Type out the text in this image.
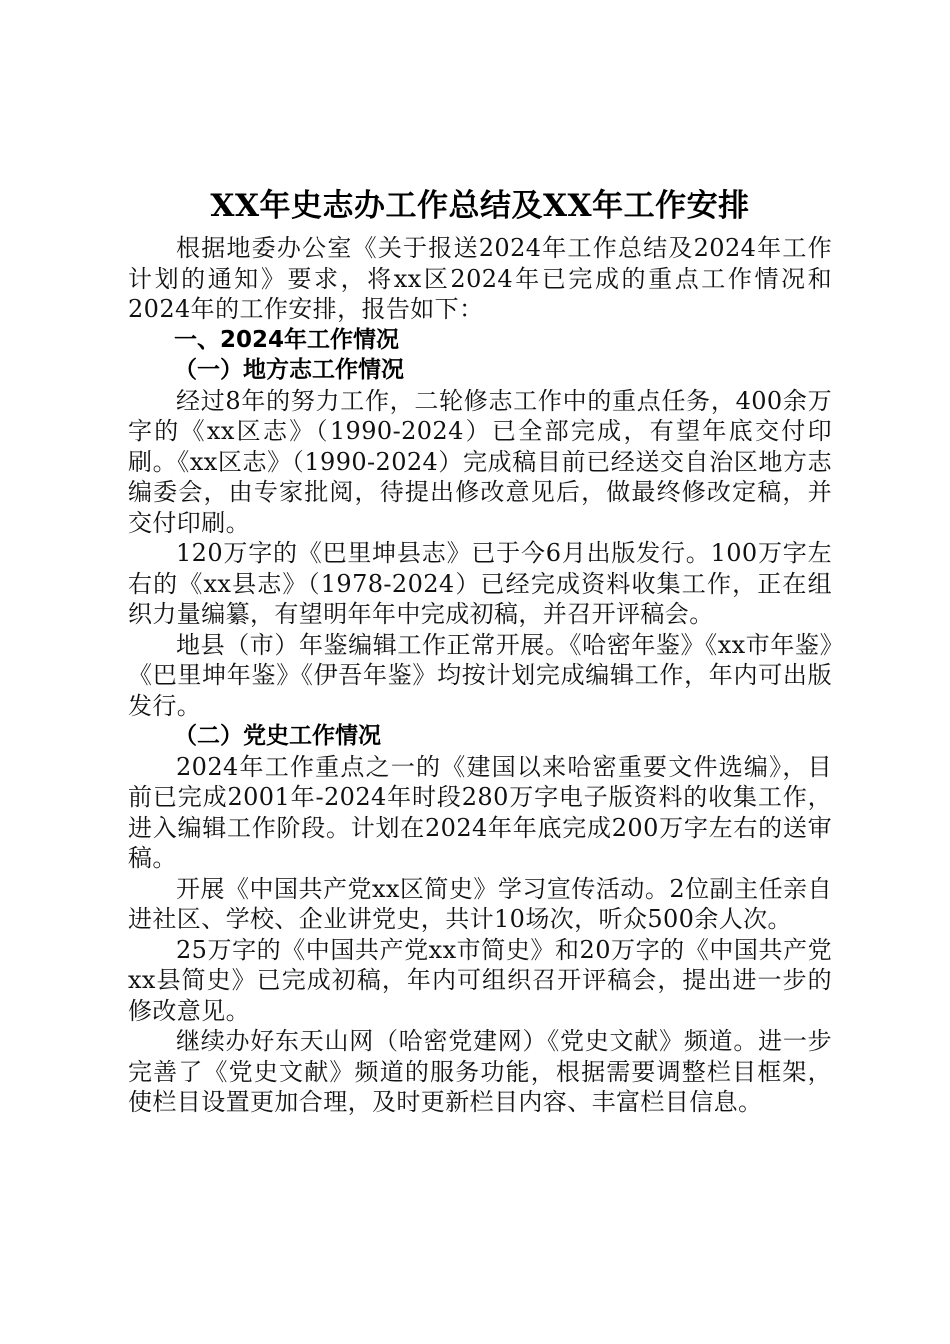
XX年史志办工作总结及XX年工作安排

根据地委办公室《关于报送2024年工作总结及2024年工作计划的通知》要求，将xx区2024年已完成的重点工作情况和2024年的工作安排，报告如下：

一、2024年工作情况

（一）地方志工作情况

经过8年的努力工作，二轮修志工作中的重点任务，400余万字的《xx区志》（1990-2024）已全部完成，有望年底交付印刷。《xx区志》（1990-2024）完成稿目前已经送交自治区地方志编委会，由专家批阅，待提出修改意见后，做最终修改定稿，并交付印刷。

120万字的《巴里坤县志》已于今6月出版发行。100万字左右的《xx县志》（1978-2024）已经完成资料收集工作，正在组织力量编纂，有望明年年中完成初稿，并召开评稿会。

地县（市）年鉴编辑工作正常开展。《哈密年鉴》《xx市年鉴》《巴里坤年鉴》《伊吾年鉴》均按计划完成编辑工作，年内可出版发行。

（二）党史工作情况

2024年工作重点之一的《建国以来哈密重要文件选编》，目前已完成2001年-2024年时段280万字电子版资料的收集工作，进入编辑工作阶段。计划在2024年年底完成200万字左右的送审稿。

开展《中国共产党xx区简史》学习宣传活动。2位副主任亲自进社区、学校、企业讲党史，共计10场次，听众500余人次。

25万字的《中国共产党xx市简史》和20万字的《中国共产党xx县简史》已完成初稿，年内可组织召开评稿会，提出进一步的修改意见。

继续办好东天山网（哈密党建网）《党史文献》频道。进一步完善了《党史文献》频道的服务功能，根据需要调整栏目框架，使栏目设置更加合理，及时更新栏目内容、丰富栏目信息。
